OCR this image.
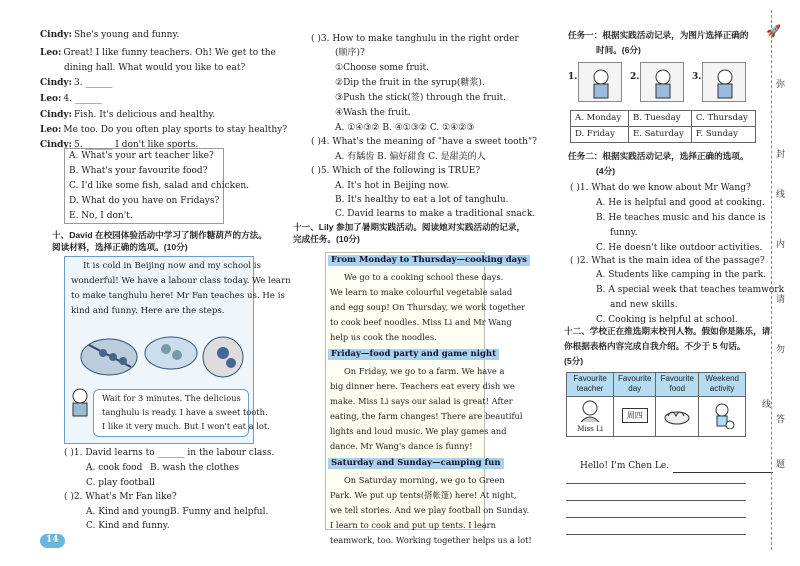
Cindy: She's young and funny.
Leo: Great! I like funny teachers. Oh! We get to the
dining hall. What would you like to eat?
Cindy: 3. ______
Leo: 4. ______
Cindy: Fish. It's delicious and healthy.
Leo: Me too. Do you often play sports to stay healthy?
Cindy: 5. ______ I don't like sports.
A. What's your art teacher like?
B. What's your favourite food?
C. I'd like some fish, salad and chicken.
D. What do you have on Fridays?
E. No, I don't.
十、David 在校园体验活动中学习了制作糖葫芦的方法。阅读材料，选择正确的选项。(10分)
It is cold in Beijing now and my school is
wonderful! We have a labour class today. We learn
to make tanghulu here! Mr Fan teaches us. He is
kind and funny. Here are the steps.
Wait for 3 minutes. The delicious
tanghulu is ready. I have a sweet tooth.
I like it very much. But I won't eat a lot.
( )1. David learns to ______ in the labour class.
A. cook food B. wash the clothes
C. play football
( )2. What's Mr Fan like?
A. Kind and young.
B. Funny and helpful.
C. Kind and funny.
14
( )3. How to make tanghulu in the right order
(顺序)?
①Choose some fruit.
②Dip the fruit in the syrup(糖浆).
③Push the stick(签) through the fruit.
④Wash the fruit.
A. ①④③② B. ④①③② C. ①④②③
( )4. What's the meaning of "have a sweet tooth"?
A. 有龋齿 B. 偏好甜食 C. 是甜美的人
( )5. Which of the following is TRUE?
A. It's hot in Beijing now.
B. It's healthy to eat a lot of tanghulu.
C. David learns to make a traditional snack.
十一、Lily 参加了暑期实践活动。阅读她对实践活动的记录，完成任务。(10分)
From Monday to Thursday—cooking days
We go to a cooking school these days.
We learn to make colourful vegetable salad
and egg soup! On Thursday, we work together
to cook beef noodles. Miss Li and Mr Wang
help us cook the noodles.
Friday—food party and game night
On Friday, we go to a farm. We have a
big dinner here. Teachers eat every dish we
make. Miss Li says our salad is great! After
eating, the farm changes! There are beautiful
lights and loud music. We play games and
dance. Mr Wang's dance is funny!
Saturday and Sunday—camping fun
On Saturday morning, we go to Green
Park. We put up tents(搭帐篷) here! At night,
we tell stories. And we play football on Sunday.
I learn to cook and put up tents. I learn
teamwork, too. Working together helps us a lot!
任务一：根据实践活动记录，为图片选择正确的
时间。(6分)
1.	2.	3.
A. Monday	B. Tuesday	C. Thursday
D. Friday	E. Saturday	F. Sunday
任务二：根据实践活动记录，选择正确的选项。
(4分)
( )1. What do we know about Mr Wang?
A. He is helpful and good at cooking.
B. He teaches music and his dance is
funny.
C. He doesn't like outdoor activities.
( )2. What is the main idea of the passage?
A. Students like camping in the park.
B. A special week that teaches teamwork
and new skills.
C. Cooking is helpful at school.
十二、学校正在推选期末校刊人物。假如你是陈乐，请
你根据表格内容完成自我介绍。不少于 5 句话。
(5分)
Favourite teacher	Favourite day	Favourite food	Weekend activity

Miss Li	周四		
Hello! I'm Chen Le.
🚀
弥
封
线
内
请
勿
答
题
线
